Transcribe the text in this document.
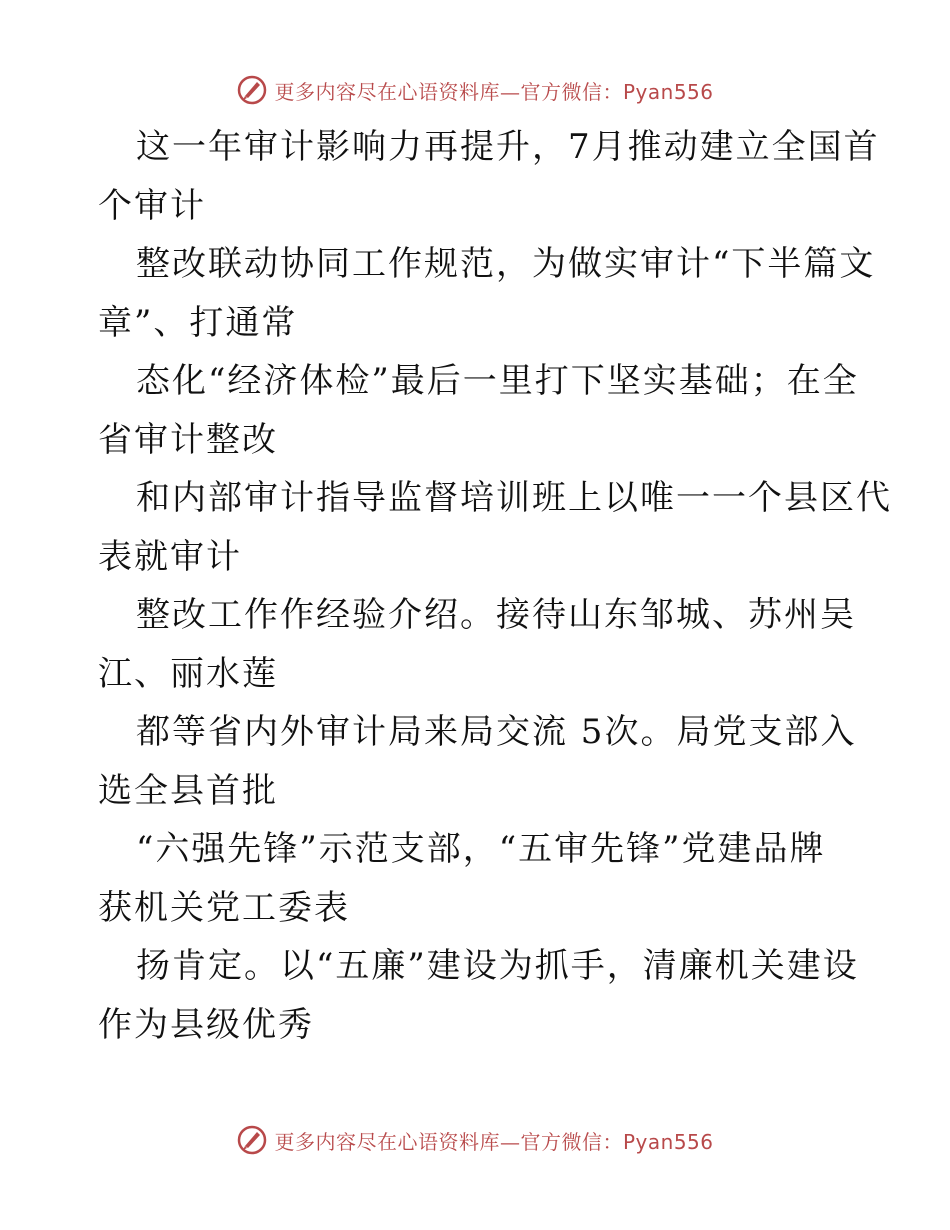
更多内容尽在心语资料库—官方微信：Pyan556
这一年审计影响力再提升，7月推动建立全国首
个审计
整改联动协同工作规范，为做实审计“下半篇文
章”、打通常
态化“经济体检”最后一里打下坚实基础；在全
省审计整改
和内部审计指导监督培训班上以唯一一个县区代
表就审计
整改工作作经验介绍。接待山东邹城、苏州吴
江、丽水莲
都等省内外审计局来局交流 5次。局党支部入
选全县首批
“六强先锋”示范支部，“五审先锋”党建品牌
获机关党工委表
扬肯定。以“五廉”建设为抓手，清廉机关建设
作为县级优秀
更多内容尽在心语资料库—官方微信：Pyan556
